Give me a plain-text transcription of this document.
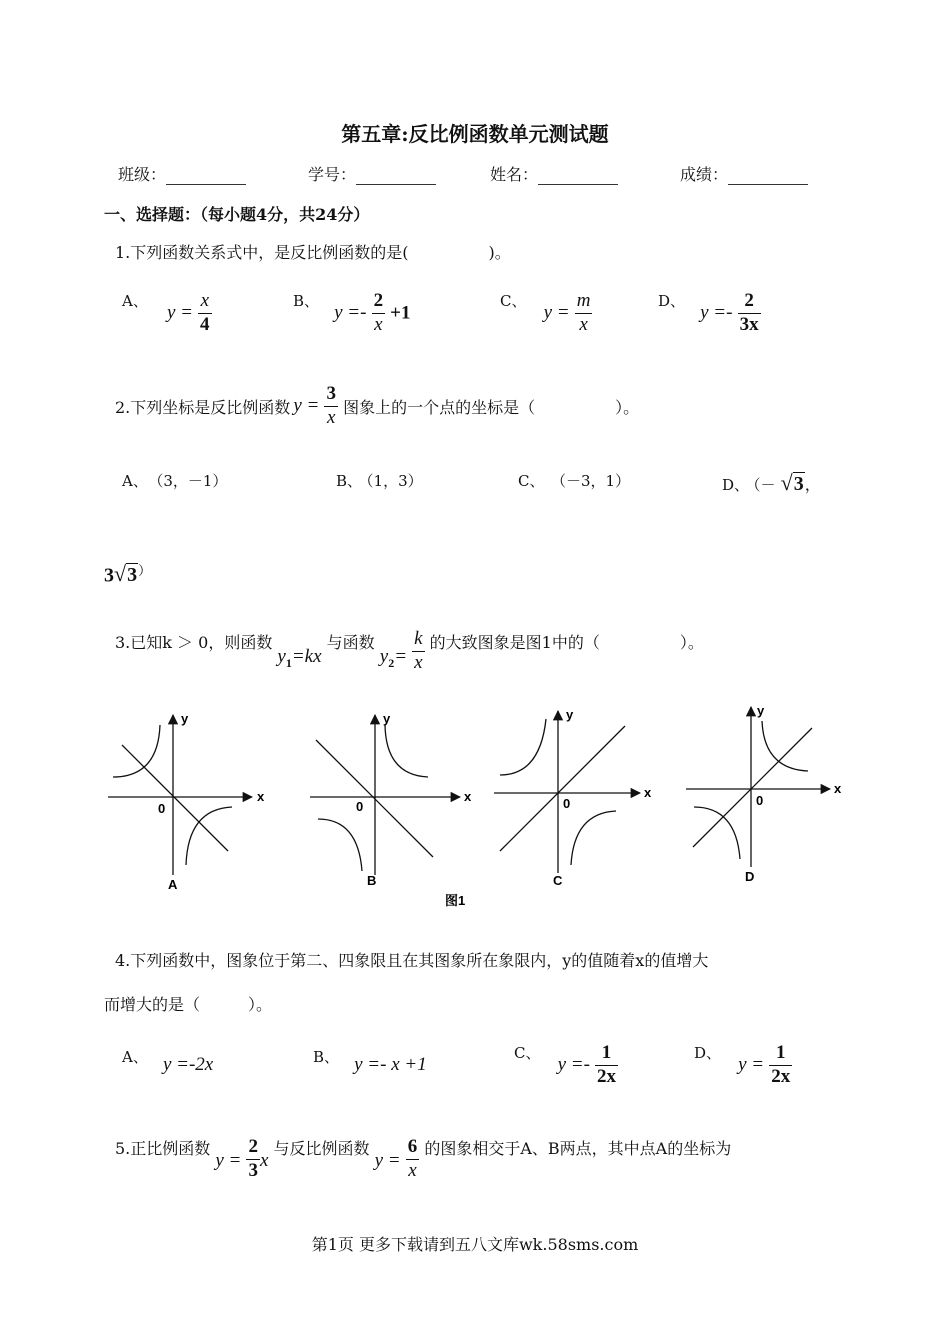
第五章:反比例函数单元测试题
班级：__________	学号：__________	姓名：__________	成绩：__________
一、选择题：（每小题4分，共24分）
1.下列函数关系式中，是反比例函数的是(　　　　　)。
A、 $y = \frac{x}{4}$	B、 $y =- \frac{2}{x} +1$
C、 $y = \frac{m}{x}$	D、 $y =- \frac{2}{3x}$
2.下列坐标是反比例函数 $y = \frac{3}{x}$ 图象上的一个点的坐标是（　　　　　）。
A、 （3，－1）	B、 （1，3）	C、 （－3，1）	D、 （－ √3，
3√3）
3.已知k ＞ 0，则函数 $y_1=kx$ 与函数 $y_2= \frac{k}{x}$ 的大致图象是图1中的（　　　　　）。
x
y
0
A
x
y
0
B
x
y
0
C
x
y
0
D
图1
4.下列函数中，图象位于第二、四象限且在其图象所在象限内，y的值随着x的值增大
而增大的是（　　　）。
A、 y =-2x	B、 y =- x +1
C、 $y =- \frac{1}{2x}$	D、 $y = \frac{1}{2x}$
5.正比例函数 $y = \frac{2}{3}$ x 与反比例函数 $y = \frac{6}{x}$ 的图象相交于A、B两点，其中点A的坐标为
第1页 更多下载请到五八文库wk.58sms.com
